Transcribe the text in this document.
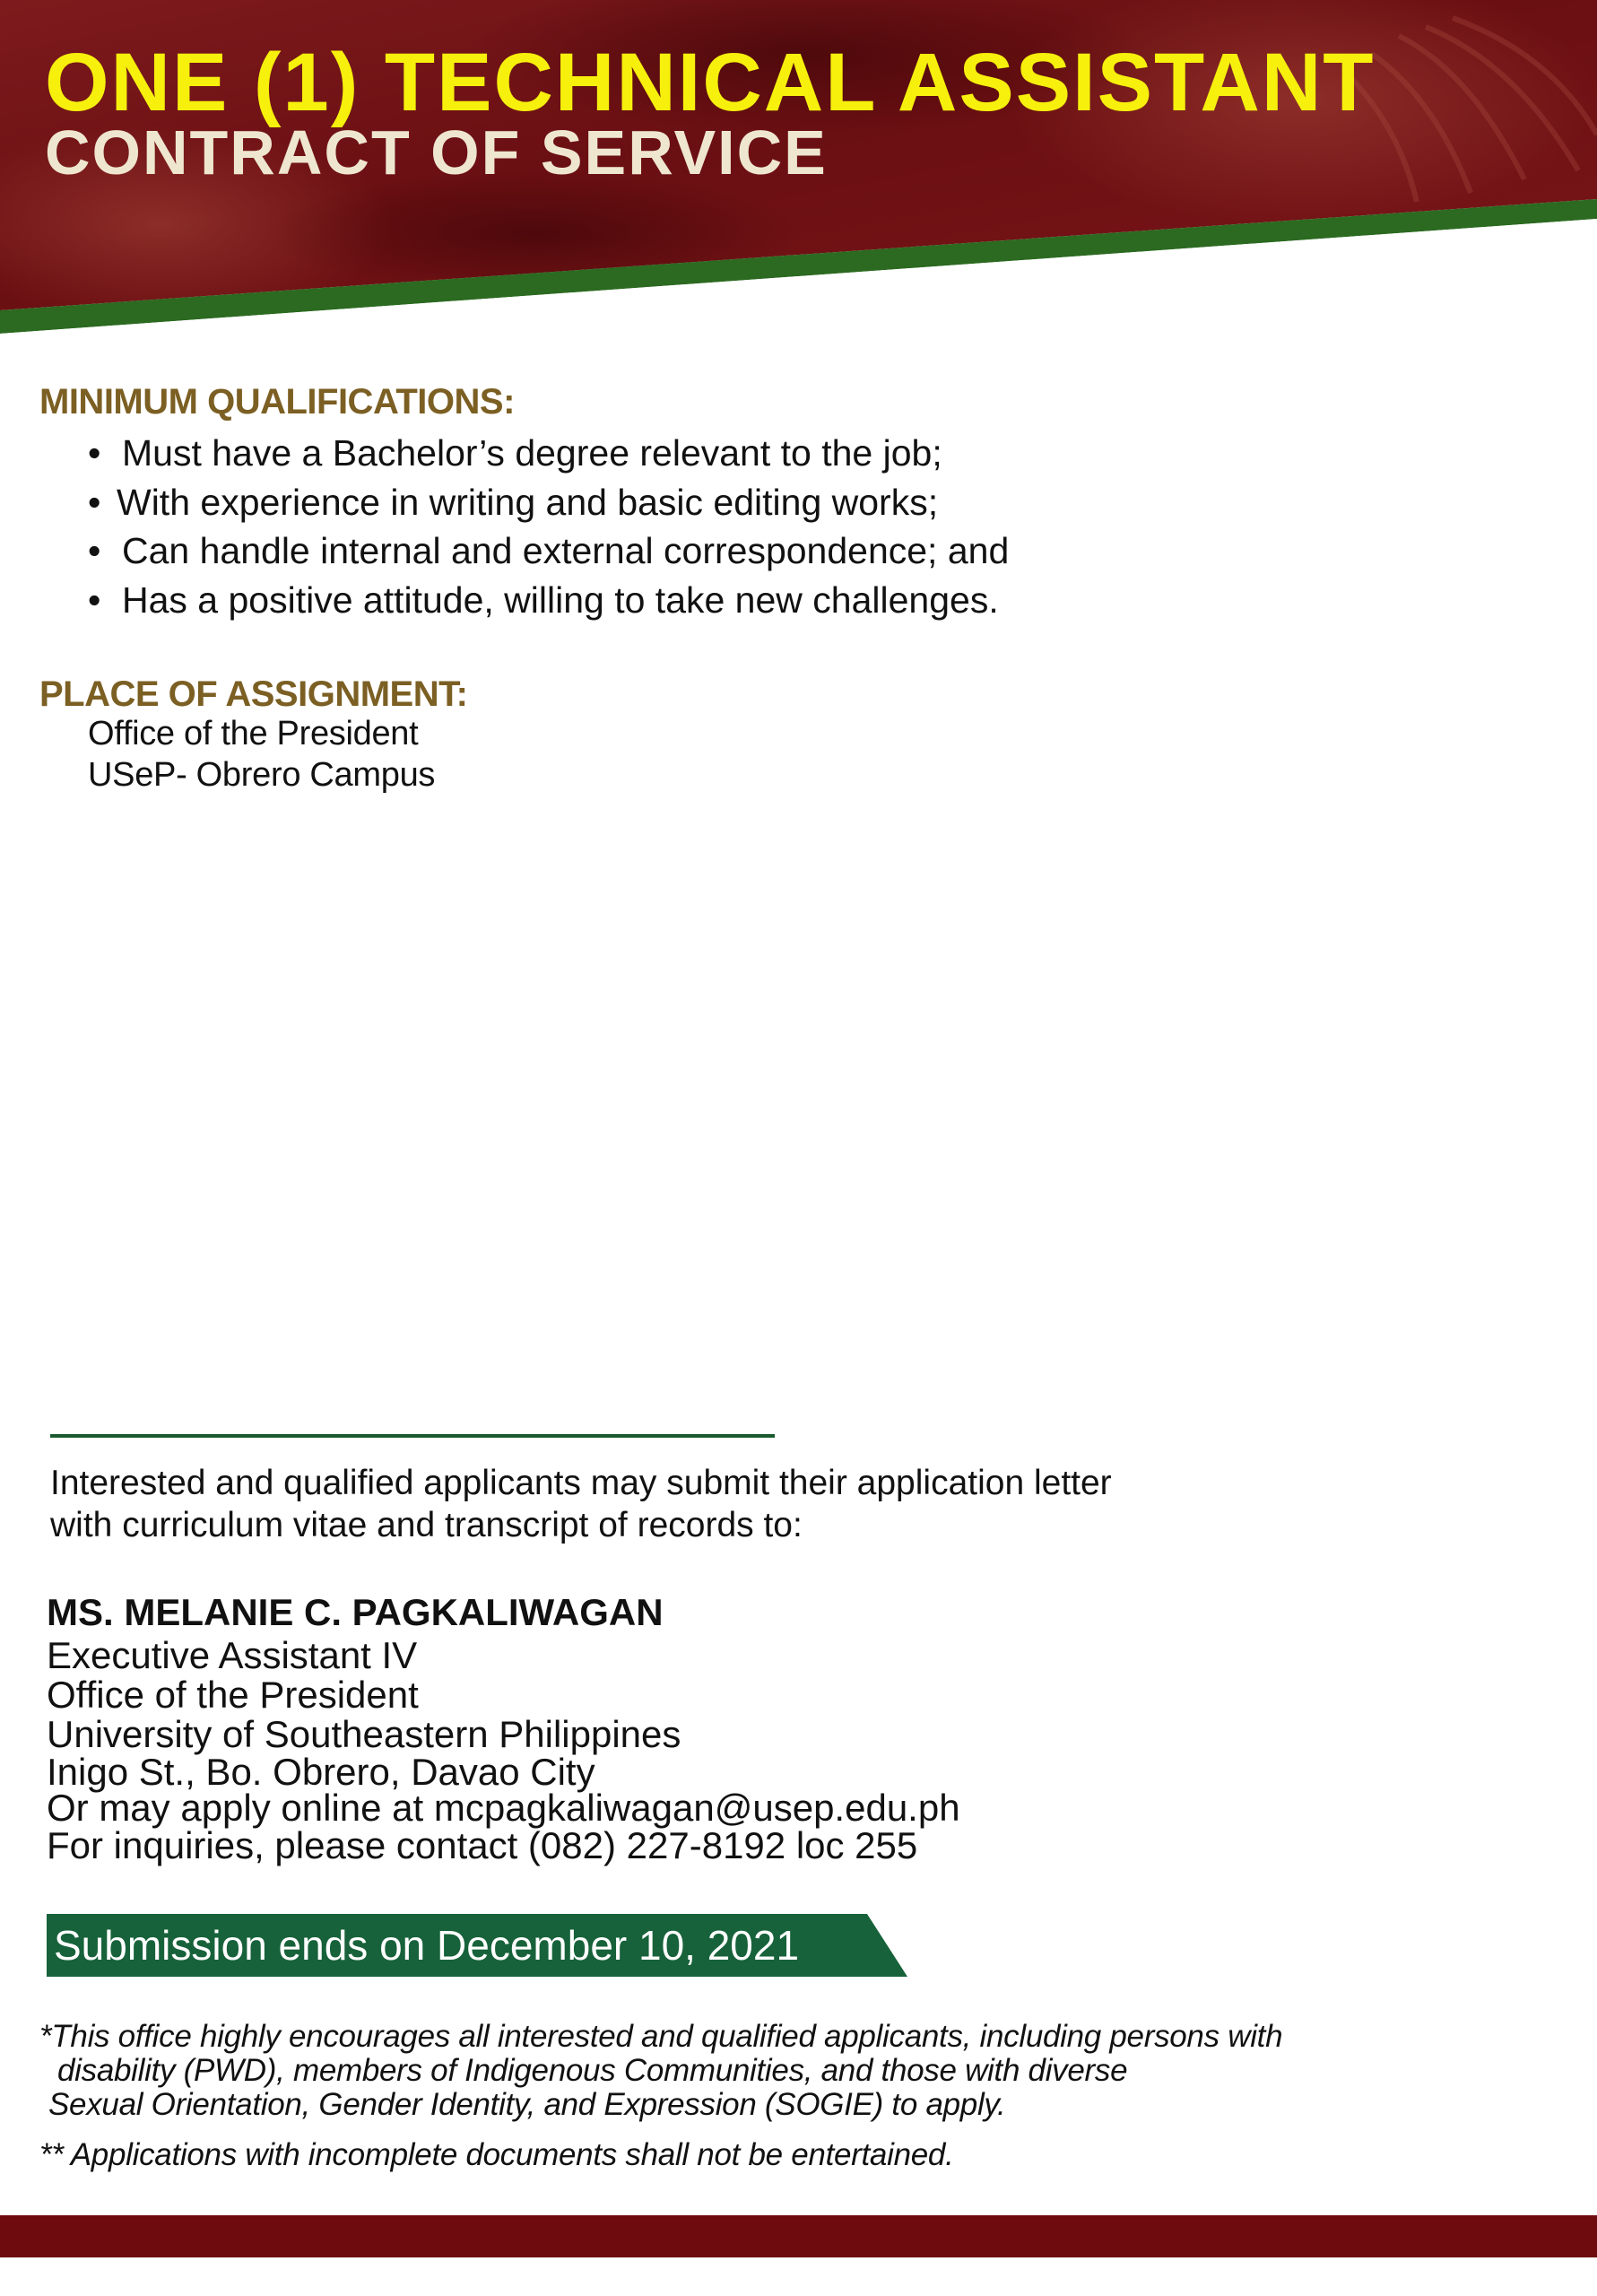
ONE (1) TECHNICAL ASSISTANT
CONTRACT OF SERVICE
MINIMUM QUALIFICATIONS:
• Must have a Bachelor’s degree relevant to the job;
• With experience in writing and basic editing works;
• Can handle internal and external correspondence; and
• Has a positive attitude, willing to take new challenges.
PLACE OF ASSIGNMENT:
Office of the President
USeP- Obrero Campus
Interested and qualified applicants may submit their application letter
with curriculum vitae and transcript of records to:
MS. MELANIE C. PAGKALIWAGAN
Executive Assistant IV
Office of the President
University of Southeastern Philippines
Inigo St., Bo. Obrero, Davao City
Or may apply online at mcpagkaliwagan@usep.edu.ph
For inquiries, please contact (082) 227-8192 loc 255
Submission ends on December 10, 2021
*This office highly encourages all interested and qualified applicants, including persons with
disability (PWD), members of Indigenous Communities, and those with diverse
Sexual Orientation, Gender Identity, and Expression (SOGIE) to apply.
** Applications with incomplete documents shall not be entertained.
